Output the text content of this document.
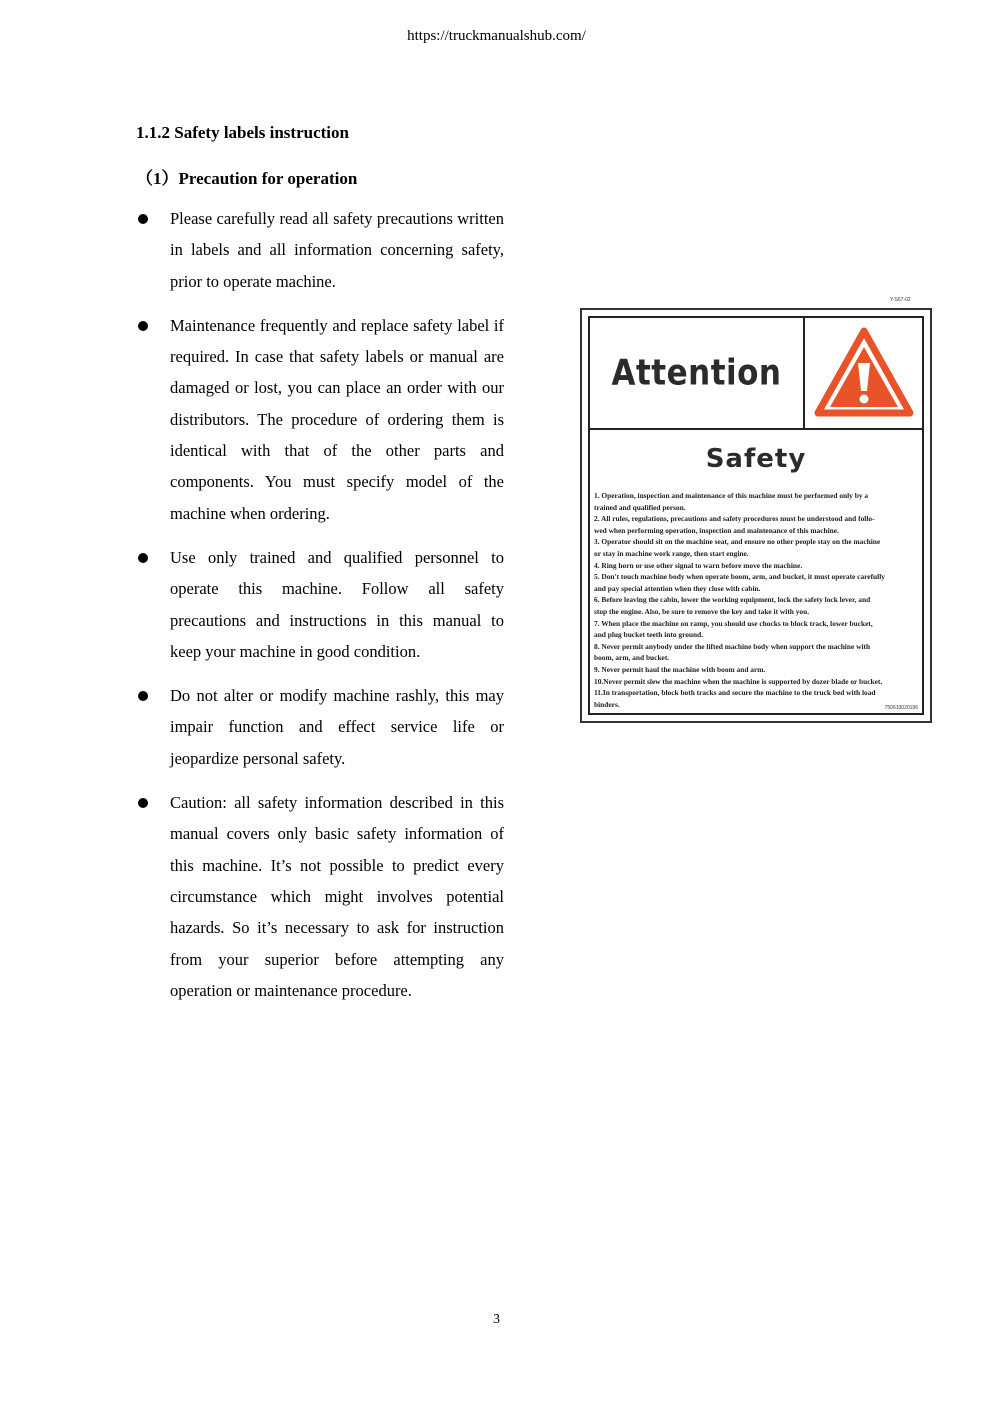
https://truckmanualshub.com/
1.1.2 Safety labels instruction
（1）Precaution for operation
Please carefully read all safety precautions written in labels and all information concerning safety, prior to operate machine.
Maintenance frequently and replace safety label if required. In case that safety labels or manual are damaged or lost, you can place an order with our distributors. The procedure of ordering them is identical with that of the other parts and components. You must specify model of the machine when ordering.
Use only trained and qualified personnel to operate this machine. Follow all safety precautions and instructions in this manual to keep your machine in good condition.
Do not alter or modify machine rashly, this may impair function and effect service life or jeopardize personal safety.
Caution: all safety information described in this manual covers only basic safety information of this machine. It’s not possible to predict every circumstance which might involves potential hazards. So it’s necessary to ask for instruction from your superior before attempting any operation or maintenance procedure.
Y-S67-02
Attention
Safety
1. Operation, inspection and maintenance of this machine must be performed only by a
trained and qualified person.
2. All rules, regulations, precautions and safety procedures must be understood and follo-
wed when performing operation, inspection and maintenance of this machine.
3. Operator should sit on the machine seat, and ensure no other people stay on the machine
or stay in machine work range, then start engine.
4. Ring horn or use other signal to warn before move the machine.
5. Don't touch machine body when operate boom, arm, and bucket, it must operate carefully
and pay special attention when they close with cabin.
6. Before leaving the cabin, lower the working equipment, lock the safety lock lever, and
stop the engine. Also, be sure to remove the key and take it with you.
7. When place the machine on ramp, you should use chocks to block track, lower bucket,
and plug bucket teeth into ground.
8. Never permit anybody under the lifted machine body when support the machine with
boom, arm, and bucket.
9. Never permit haul the machine with boom and arm.
10.Never permit slew the machine when the machine is supported by dozer blade or bucket.
11.In transportation, block both tracks and secure the machine to the truck bed with load
binders.	750610020196
3
